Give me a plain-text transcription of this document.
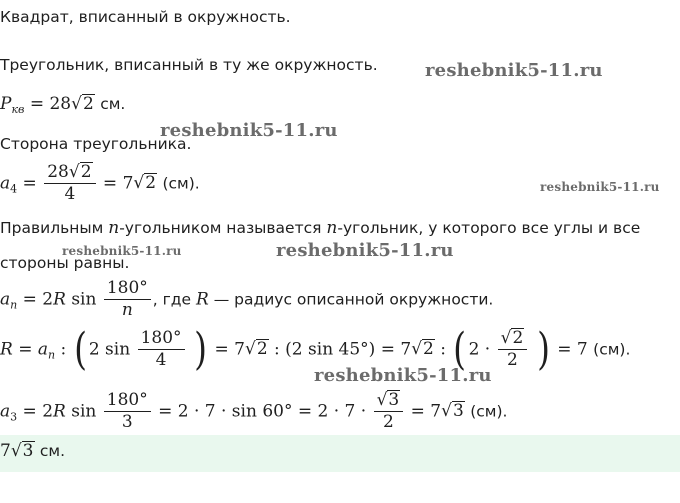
reshebnik5-11.ru
reshebnik5-11.ru
reshebnik5-11.ru
reshebnik5-11.ru	reshebnik5-11.ru
reshebnik5-11.ru
Квадрат, вписанный в окружность.
Треугольник, вписанный в ту же окружность.
$P_{кв} = 28√2$ см.
Сторона треугольника.
$a_4 = \frac{28√2}{4} = 7√2$ (см).
Правильным n-угольником называется n-угольник, у которого все углы и все
стороны равны.
$a_n = 2R$ $\sin \frac{180^\circ}{n}$ , где R — радиус описанной окружности.
$R = a_n$ : ( 2 $\sin \frac{180^\circ}{4}$ ) = 7√2 : (2 sin 45°) = 7√2 : ( $2 \cdot \frac{√2}{2}$ ) = 7 (см).
$a_3 = 2R$ $\sin \frac{180^\circ}{3} = 2 \cdot 7 \cdot \sin 60^\circ = 2 \cdot 7 \cdot \frac{√3}{2} = 7√3$ (см).
7√3 см.
